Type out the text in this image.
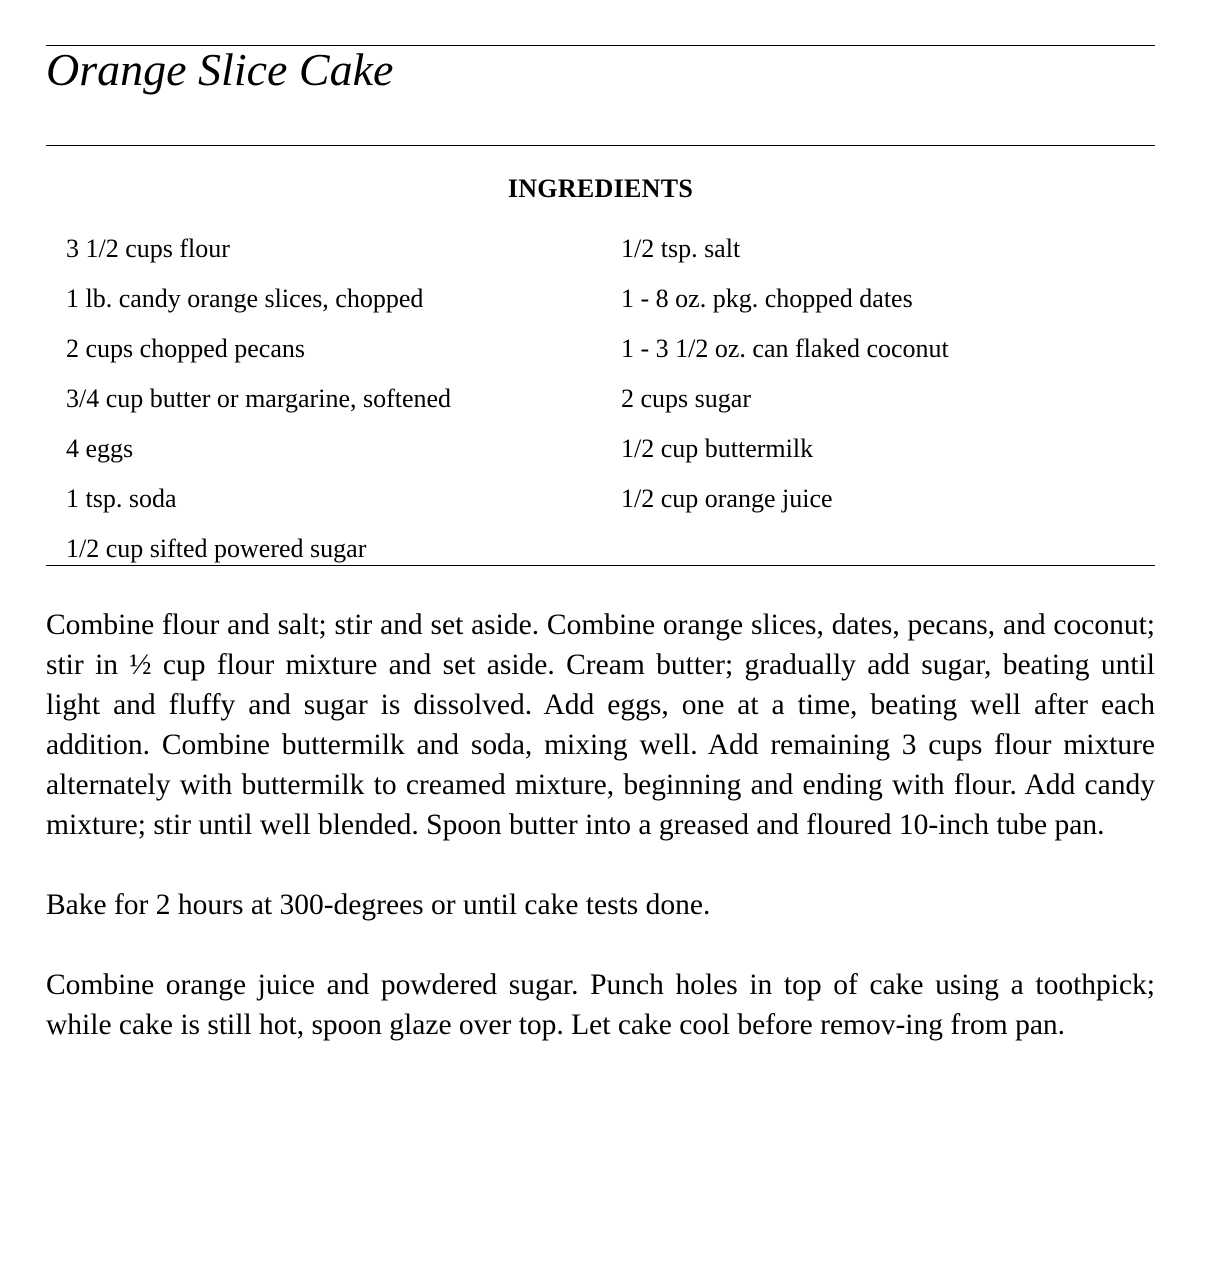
Orange Slice Cake
INGREDIENTS
3 1/2 cups flour
1 lb. candy orange slices, chopped
2 cups chopped pecans
3/4 cup butter or margarine, softened
4 eggs
1 tsp. soda
1/2 cup sifted powered sugar
1/2 tsp. salt
1 - 8 oz. pkg. chopped dates
1 - 3 1/2 oz. can flaked coconut
2 cups sugar
1/2 cup buttermilk
1/2 cup orange juice

Combine flour and salt; stir and set aside. Combine orange slices, dates, pecans, and coconut; stir in ½ cup flour mixture and set aside. Cream butter; gradually add sugar, beating until light and fluffy and sugar is dissolved. Add eggs, one at a time, beating well after each addition. Combine buttermilk and soda, mixing well. Add remaining 3 cups flour mixture alternately with buttermilk to creamed mixture, beginning and ending with flour. Add candy mixture; stir until well blended. Spoon butter into a greased and floured 10-inch tube pan.

Bake for 2 hours at 300-degrees or until cake tests done.

Combine orange juice and powdered sugar. Punch holes in top of cake using a toothpick; while cake is still hot, spoon glaze over top. Let cake cool before remov-ing from pan.
